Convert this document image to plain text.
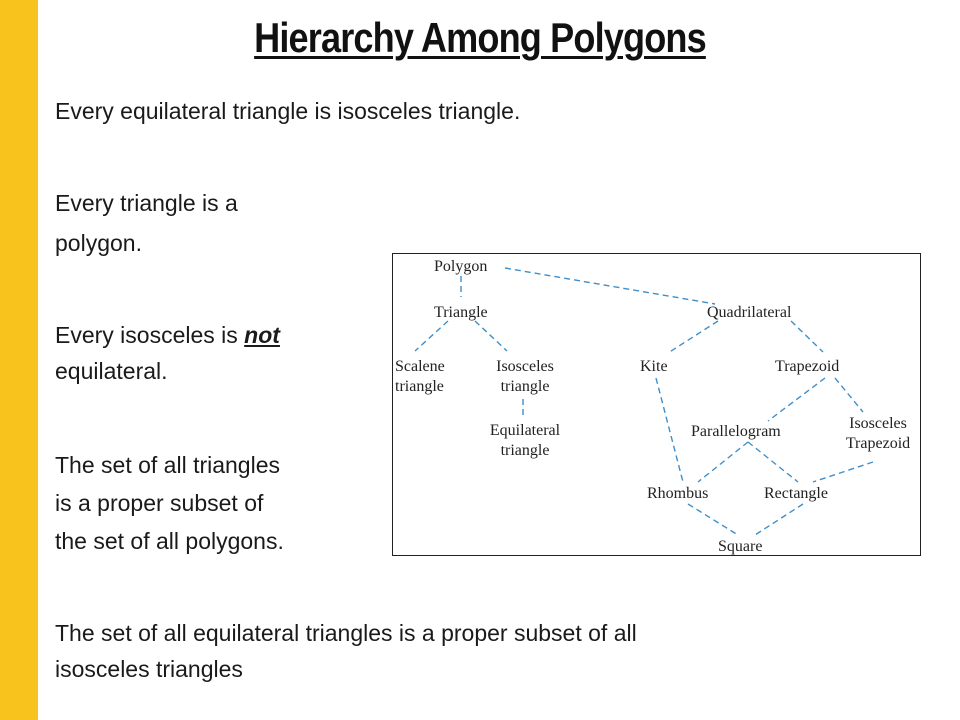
Hierarchy Among Polygons
Every equilateral triangle is isosceles triangle.
Every triangle is a
polygon.
Every isosceles is not
equilateral.
The set of all triangles
is a proper subset of
the set of all polygons.
The set of all equilateral triangles is a proper subset of all
isosceles triangles
Polygon
Triangle	Quadrilateral
Scalene
triangle
Isosceles
triangle
Equilateral
triangle
Kite	Trapezoid
Parallelogram	Isosceles
Trapezoid
Rhombus	Rectangle
Square
